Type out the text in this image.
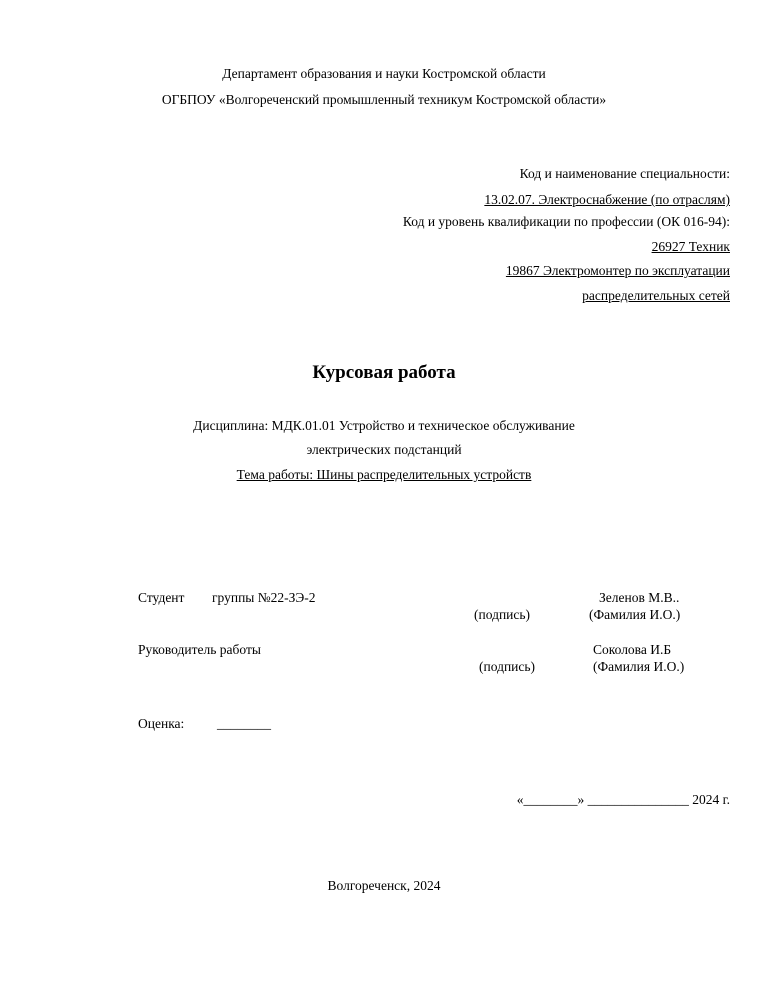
Департамент образования и науки Костромской области
ОГБПОУ «Волгореченский промышленный техникум Костромской области»
Код и наименование специальности:
13.02.07. Электроснабжение (по отраслям)
Код и уровень квалификации по профессии (ОК 016-94):
26927 Техник
19867 Электромонтер по эксплуатации
распределительных сетей
Курсовая работа
Дисциплина: МДК.01.01 Устройство и техническое обслуживание
электрических подстанций
Тема работы: Шины распределительных устройств
Студент группы №22-ЗЭ-2	Зеленов М.В..
(подпись)	(Фамилия И.О.)
Руководитель работы	Соколова И.Б
(подпись)	(Фамилия И.О.)
Оценка: ________
«________» _______________ 2024 г.
Волгореченск, 2024
